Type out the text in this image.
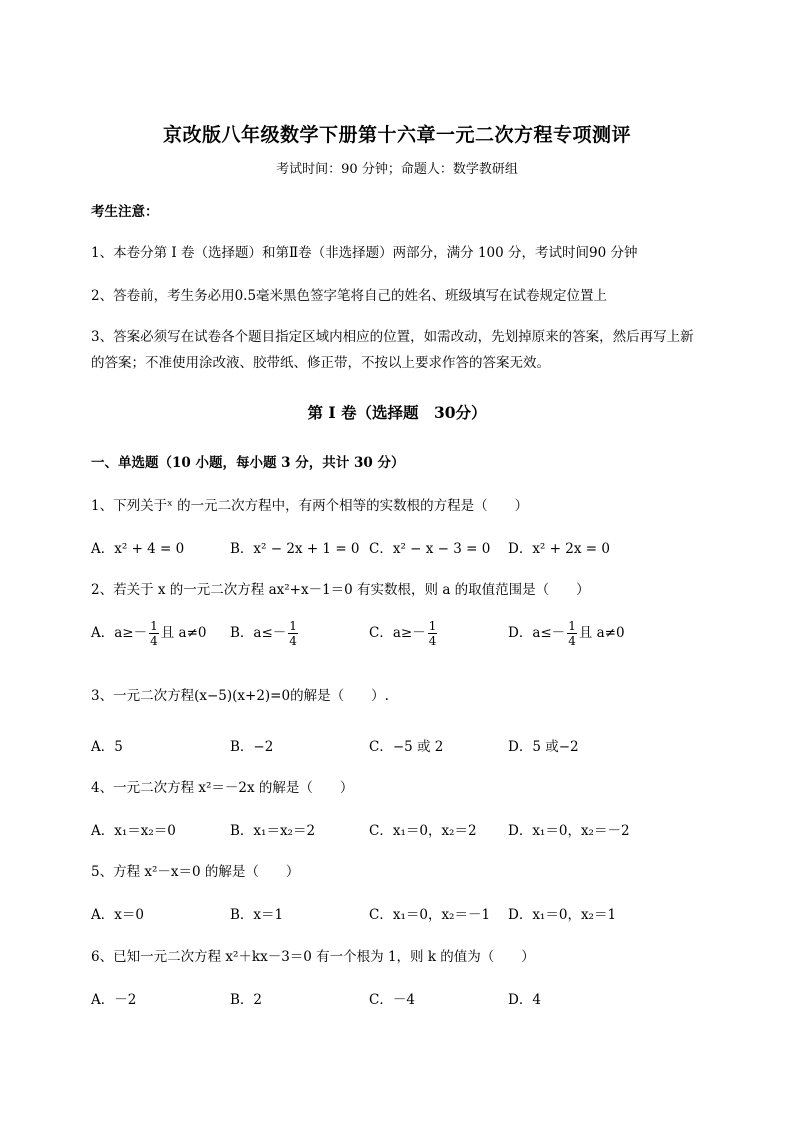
京改版八年级数学下册第十六章一元二次方程专项测评
考试时间：90 分钟；命题人：数学教研组
考生注意：
1、本卷分第 I 卷（选择题）和第Ⅱ卷（非选择题）两部分，满分 100 分，考试时间90 分钟
2、答卷前，考生务必用0.5毫米黑色签字笔将自己的姓名、班级填写在试卷规定位置上
3、答案必须写在试卷各个题目指定区域内相应的位置，如需改动，先划掉原来的答案，然后再写上新
的答案；不准使用涂改液、胶带纸、修正带，不按以上要求作答的答案无效。
第 I 卷（选择题　30分）
一、单选题（10 小题，每小题 3 分，共计 30 分）
1、下列关于ˣ 的一元二次方程中，有两个相等的实数根的方程是（　　）
A．x² + 4 = 0	B．x² − 2x + 1 = 0 C．x² − x − 3 = 0 D．x² + 2x = 0
2、若关于 x 的一元二次方程 ax²+x－1＝0 有实数根，则 a 的取值范围是（　　）
A．$a\ge- \frac{1}{4}$ 且 a≠0 B．$a\le- \frac{1}{4}$	C．$a\ge- \frac{1}{4}$	D．$a\le- \frac{1}{4}$ 且 a≠0
3、一元二次方程(x−5)(x+2)=0的解是（　　）.
A．5	B．−2	C．−5 或 2	D．5 或−2
4、一元二次方程 x²＝－2x 的解是（　　）
A．x₁＝x₂＝0	B．x₁＝x₂＝2	C．x₁＝0，x₂＝2 D．x₁＝0，x₂＝－2
5、方程 x²－x＝0 的解是（　　）
A．x＝0	B．x＝1	C．x₁＝0，x₂＝－1 D．x₁＝0，x₂＝1
6、已知一元二次方程 x²＋kx－3＝0 有一个根为 1，则 k 的值为（　　）
A．－2	B．2	C．－4	D．4
